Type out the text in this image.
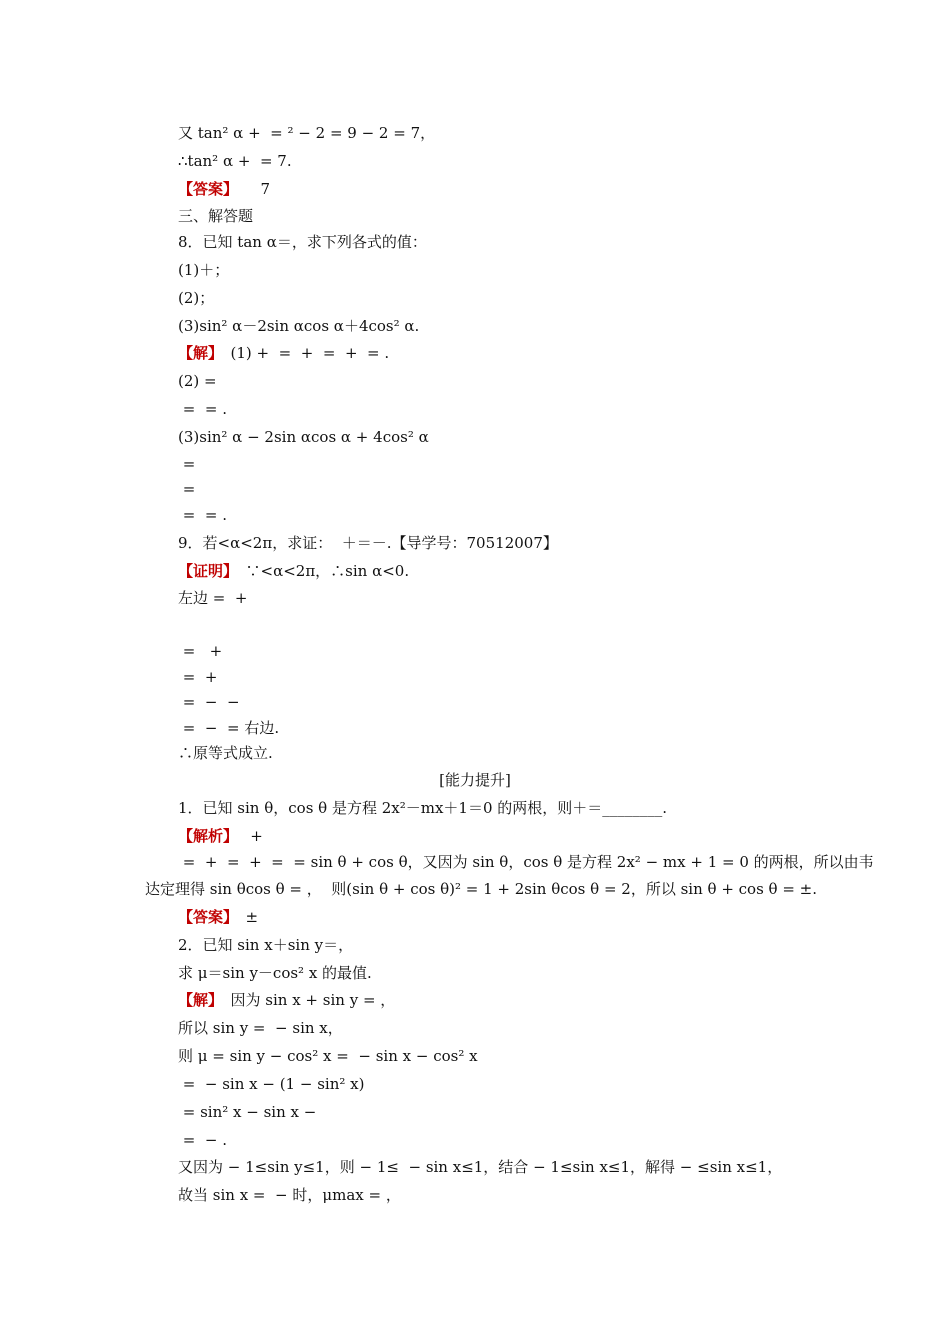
又 tan² α +  = ² − 2 = 9 − 2 = 7，
∴tan² α +  = 7.
【答案】　　7
三、解答题
8．已知 tan α＝，求下列各式的值：
(1)＋；
(2)；
(3)sin² α－2sin αcos α＋4cos² α.
【解】　(1) +  =  +  =  +  = .
(2) =
=  = .
(3)sin² α − 2sin αcos α + 4cos² α
=
=
=  = .
9．若<α<2π，求证：  ＋＝－.【导学号：70512007】
【证明】　∵<α<2π，∴sin α<0.
左边 =  +
=   +
=  +
=  −  −
=  −  = 右边.
∴原等式成立.
[能力提升]
1．已知 sin θ，cos θ 是方程 2x²－mx＋1＝0 的两根，则＋＝________.
【解析】　 +
=  +  =  +  =  = sin θ + cos θ，又因为 sin θ，cos θ 是方程 2x² − mx + 1 = 0 的两根，所以由韦
达定理得 sin θcos θ = ，  则(sin θ + cos θ)² = 1 + 2sin θcos θ = 2，所以 sin θ + cos θ = ±.
【答案】　±
2．已知 sin x＋sin y＝，
求 μ＝sin y－cos² x 的最值.
【解】　因为 sin x + sin y = ，
所以 sin y =  − sin x，
则 μ = sin y − cos² x =  − sin x − cos² x
=  − sin x − (1 − sin² x)
= sin² x − sin x −
=  − .
又因为 − 1≤sin y≤1，则 − 1≤  − sin x≤1，结合 − 1≤sin x≤1，解得 − ≤sin x≤1，
故当 sin x =  − 时，μmax = ，
